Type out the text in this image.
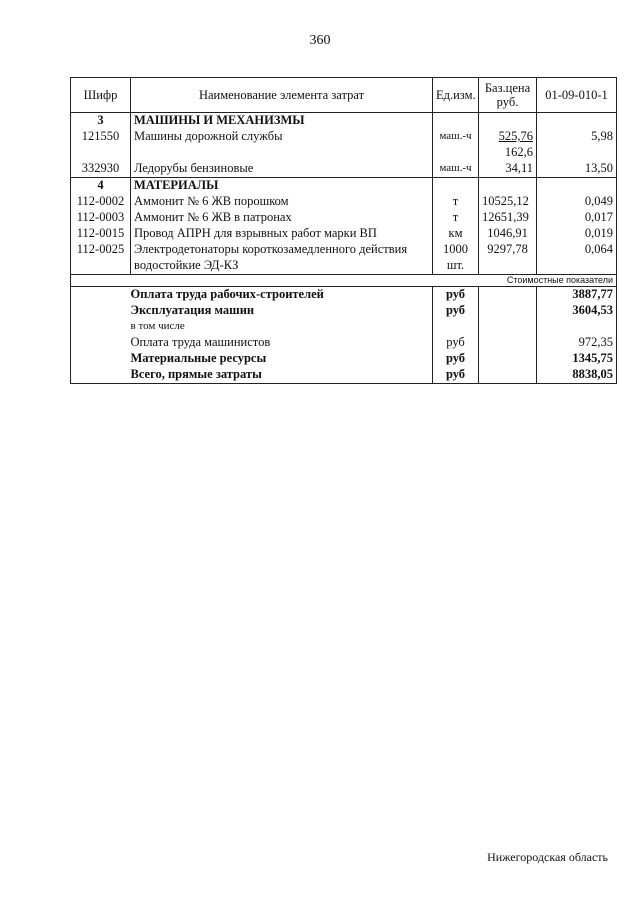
360
Шифр	Наименование элемента затрат	Ед.изм.	Баз.цена руб.	01-09-010-1
3	МАШИНЫ И МЕХАНИЗМЫ			
121550	Машины дорожной службы	маш.-ч	525,76	5,98
			162,6	
332930	Ледорубы бензиновые	маш.-ч	34,11	13,50
4	МАТЕРИАЛЫ			
112-0002	Аммонит № 6 ЖВ порошком	т	10525,12	0,049
112-0003	Аммонит № 6 ЖВ в патронах	т	12651,39	0,017
112-0015	Провод АПРН для взрывных работ марки ВП	км	1046,91	0,019
112-0025	Электродетонаторы короткозамедленного действия	1000	9297,78	0,064
	водостойкие ЭД-КЗ	шт.		
Стоимостные показатели				
	Оплата труда рабочих-строителей	руб		3887,77
	Эксплуатация машин	руб		3604,53
	в том числе			
	Оплата труда машинистов	руб		972,35
	Материальные ресурсы	руб		1345,75
	Всего, прямые затраты	руб		8838,05
Нижегородская область
